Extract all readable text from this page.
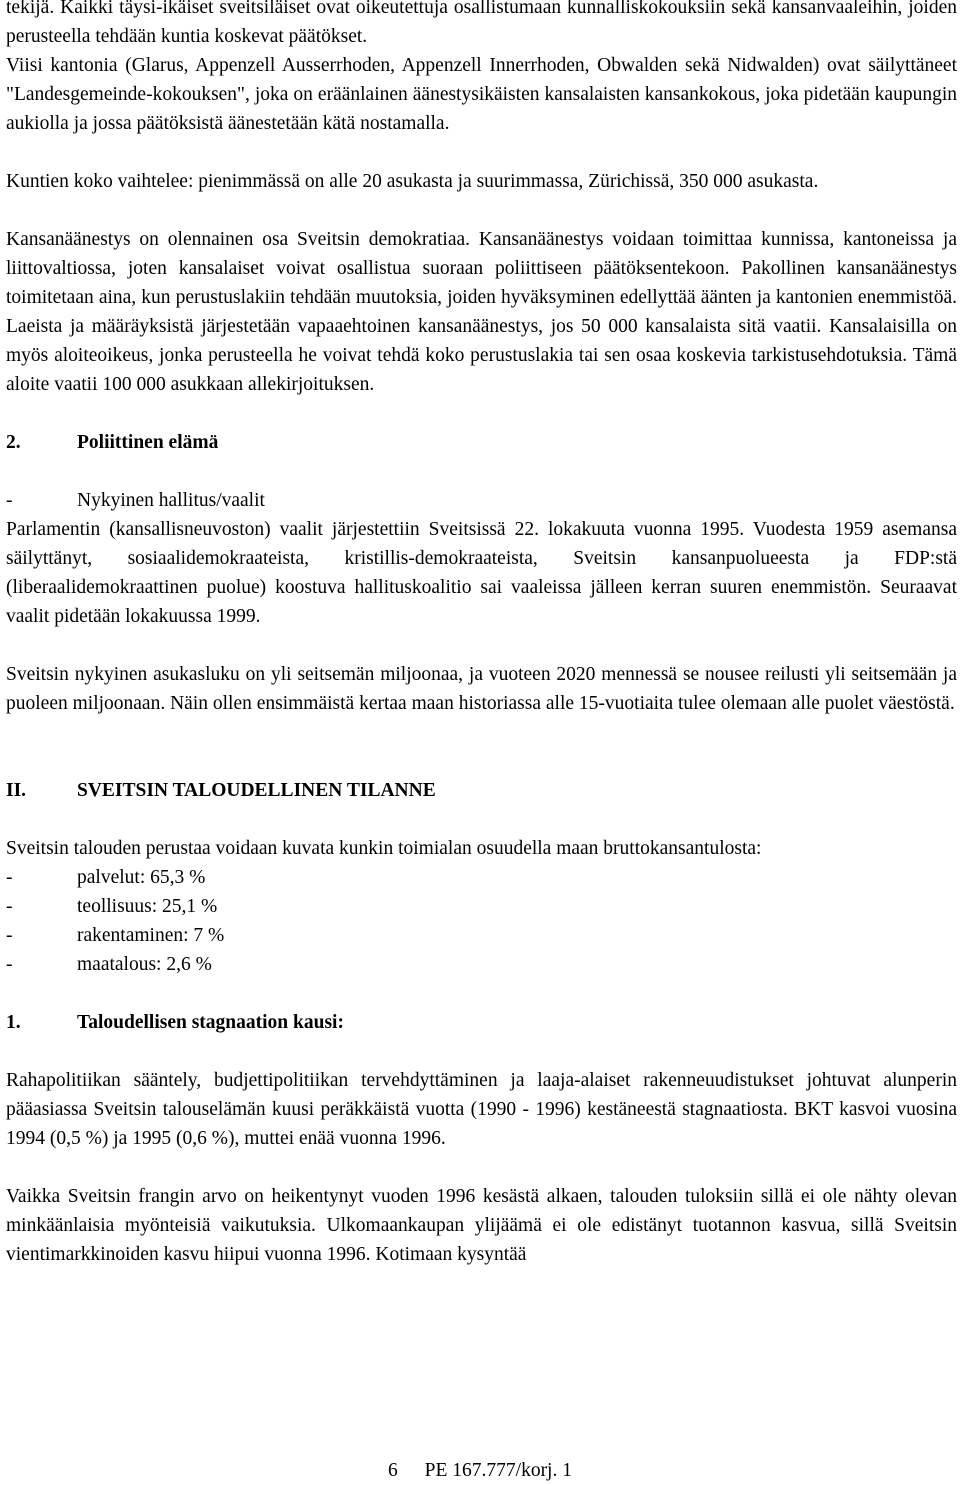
tekijä. Kaikki täysi-ikäiset sveitsiläiset ovat oikeutettuja osallistumaan kunnalliskokouksiin sekä kansanvaaleihin, joiden perusteella tehdään kuntia koskevat päätökset.

Viisi kantonia (Glarus, Appenzell Ausserrhoden, Appenzell Innerrhoden, Obwalden sekä Nidwalden) ovat säilyttäneet "Landesgemeinde-kokouksen", joka on eräänlainen äänestysikäisten kansalaisten kansankokous, joka pidetään kaupungin aukiolla ja jossa päätöksistä äänestetään kätä nostamalla.

Kuntien koko vaihtelee: pienimmässä on alle 20 asukasta ja suurimmassa, Zürichissä, 350 000 asukasta.

Kansanäänestys on olennainen osa Sveitsin demokratiaa. Kansanäänestys voidaan toimittaa kunnissa, kantoneissa ja liittovaltiossa, joten kansalaiset voivat osallistua suoraan poliittiseen päätöksentekoon. Pakollinen kansanäänestys toimitetaan aina, kun perustuslakiin tehdään muutoksia, joiden hyväksyminen edellyttää äänten ja kantonien enemmistöä. Laeista ja määräyksistä järjestetään vapaaehtoinen kansanäänestys, jos 50 000 kansalaista sitä vaatii. Kansalaisilla on myös aloiteoikeus, jonka perusteella he voivat tehdä koko perustuslakia tai sen osaa koskevia tarkistusehdotuksia. Tämä aloite vaatii 100 000 asukkaan allekirjoituksen.

2.	Poliittinen elämä
-	Nykyinen hallitus/vaalit

Parlamentin (kansallisneuvoston) vaalit järjestettiin Sveitsissä 22. lokakuuta vuonna 1995. Vuodesta 1959 asemansa säilyttänyt, sosiaalidemokraateista, kristillis-demokraateista, Sveitsin kansanpuolueesta ja FDP:stä (liberaalidemokraattinen puolue) koostuva hallituskoalitio sai vaaleissa jälleen kerran suuren enemmistön. Seuraavat vaalit pidetään lokakuussa 1999.

Sveitsin nykyinen asukasluku on yli seitsemän miljoonaa, ja vuoteen 2020 mennessä se nousee reilusti yli seitsemään ja puoleen miljoonaan. Näin ollen ensimmäistä kertaa maan historiassa alle 15-vuotiaita tulee olemaan alle puolet väestöstä.

II.	SVEITSIN TALOUDELLINEN TILANNE

Sveitsin talouden perustaa voidaan kuvata kunkin toimialan osuudella maan bruttokansantulosta:

-	palvelut: 65,3 %
-	teollisuus: 25,1 %
-	rakentaminen: 7 %
-	maatalous: 2,6 %
1.	Taloudellisen stagnaation kausi:

Rahapolitiikan sääntely, budjettipolitiikan tervehdyttäminen ja laaja-alaiset rakenneuudistukset johtuvat alunperin pääasiassa Sveitsin talouselämän kuusi peräkkäistä vuotta (1990 - 1996) kestäneestä stagnaatiosta. BKT kasvoi vuosina 1994 (0,5 %) ja 1995 (0,6 %), muttei enää vuonna 1996.

Vaikka Sveitsin frangin arvo on heikentynyt vuoden 1996 kesästä alkaen, talouden tuloksiin sillä ei ole nähty olevan minkäänlaisia myönteisiä vaikutuksia. Ulkomaankaupan ylijäämä ei ole edistänyt tuotannon kasvua, sillä Sveitsin vientimarkkinoiden kasvu hiipui vuonna 1996. Kotimaan kysyntää

6 PE 167.777/korj. 1
